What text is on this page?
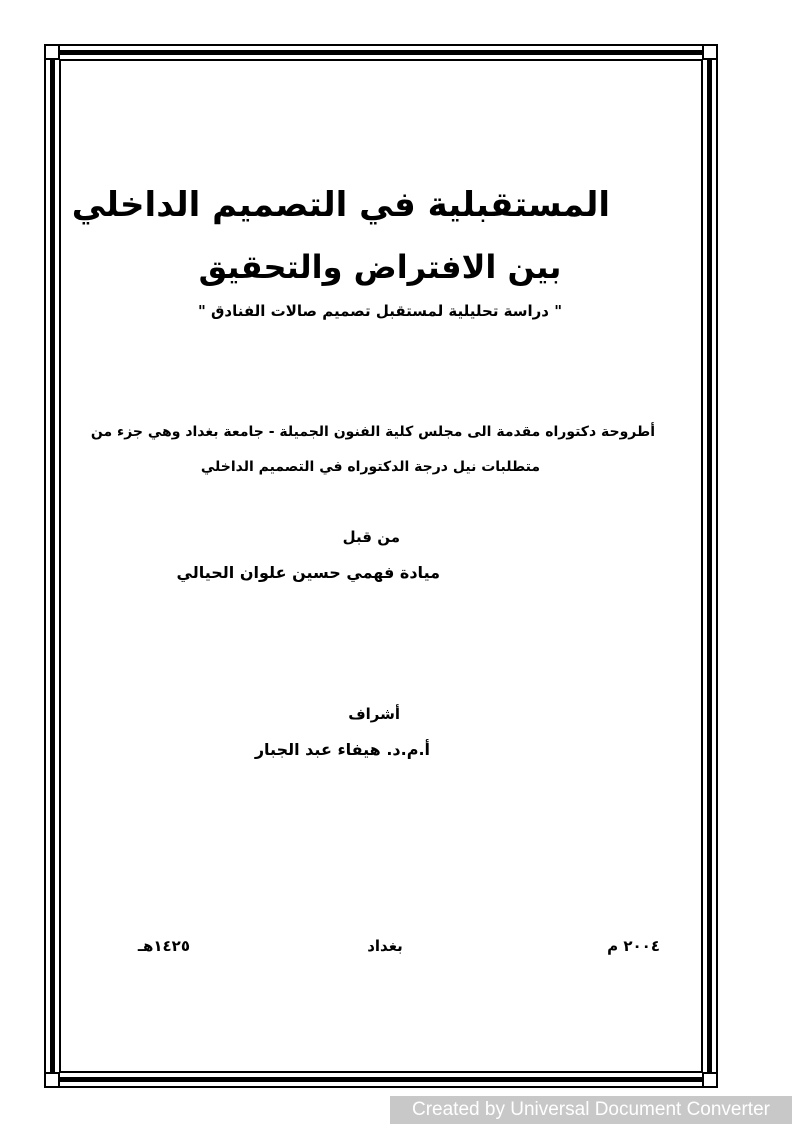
المستقبلية في التصميم الداخلي
بين الافتراض والتحقيق
" دراسة تحليلية لمستقبل تصميم صالات الفنادق "
أطروحة دكتوراه مقدمة الى مجلس كلية الفنون الجميلة - جامعة بغداد وهي جزء من
متطلبات نيل درجة الدكتوراه في التصميم الداخلي
من قبل
ميادة فهمي حسين علوان الحيالي
أشراف
أ.م.د. هيفاء عبد الجبار
٢٠٠٤ م
بغداد
١٤٢٥هـ
Created by Universal Document Converter
